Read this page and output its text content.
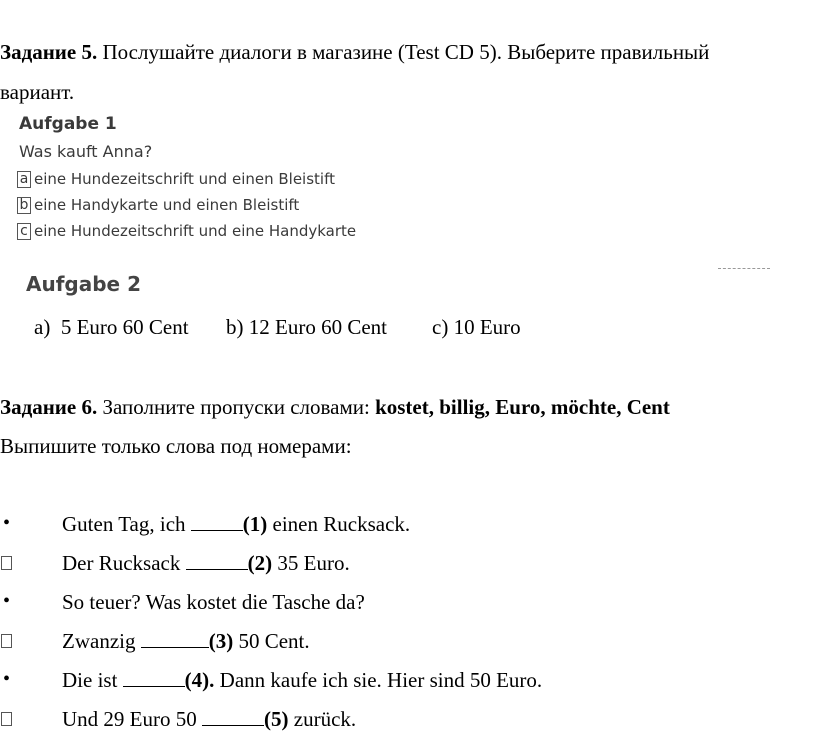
Задание 5. Послушайте диалоги в магазине (Test CD 5). Выберите правильный
вариант.
Aufgabe 1
Was kauft Anna?
a eine Hundezeitschrift und einen Bleistift
b eine Handykarte und einen Bleistift
c eine Hundezeitschrift und eine Handykarte
Aufgabe 2
a) 5 Euro 60 Cent b) 12 Euro 60 Cent c) 10 Euro
Задание 6. Заполните пропуски словами: kostet, billig, Euro, möchte, Cent
Выпишите только слова под номерами:
• Guten Tag, ich (1) einen Rucksack.
Der Rucksack	(2) 35 Euro.
• So teuer? Was kostet die Tasche da?
Zwanzig	(3) 50 Cent.
• Die ist	(4). Dann kaufe ich sie. Hier sind 50 Euro.
Und 29 Euro 50	(5) zurück.
